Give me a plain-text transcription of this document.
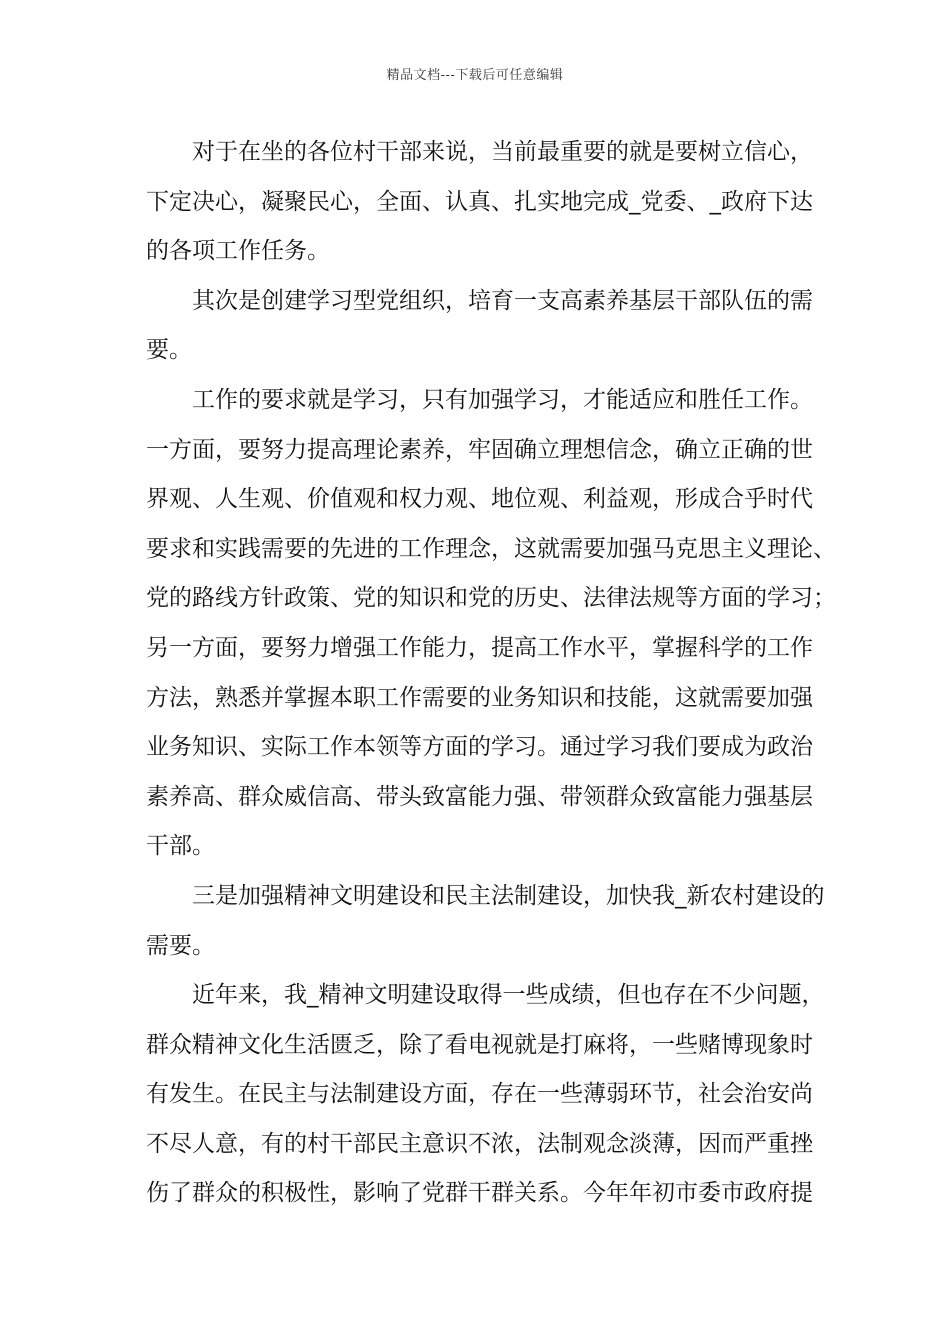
精品文档---下载后可任意编辑
对于在坐的各位村干部来说，当前最重要的就是要树立信心，
下定决心，凝聚民心，全面、认真、扎实地完成_党委、_政府下达
的各项工作任务。
其次是创建学习型党组织，培育一支高素养基层干部队伍的需
要。
工作的要求就是学习，只有加强学习，才能适应和胜任工作。
一方面，要努力提高理论素养，牢固确立理想信念，确立正确的世
界观、人生观、价值观和权力观、地位观、利益观，形成合乎时代
要求和实践需要的先进的工作理念，这就需要加强马克思主义理论、
党的路线方针政策、党的知识和党的历史、法律法规等方面的学习；
另一方面，要努力增强工作能力，提高工作水平，掌握科学的工作
方法，熟悉并掌握本职工作需要的业务知识和技能，这就需要加强
业务知识、实际工作本领等方面的学习。通过学习我们要成为政治
素养高、群众威信高、带头致富能力强、带领群众致富能力强基层
干部。
三是加强精神文明建设和民主法制建设，加快我_新农村建设的
需要。
近年来，我_精神文明建设取得一些成绩，但也存在不少问题，
群众精神文化生活匮乏，除了看电视就是打麻将，一些赌博现象时
有发生。在民主与法制建设方面，存在一些薄弱环节，社会治安尚
不尽人意，有的村干部民主意识不浓，法制观念淡薄，因而严重挫
伤了群众的积极性，影响了党群干群关系。今年年初市委市政府提
